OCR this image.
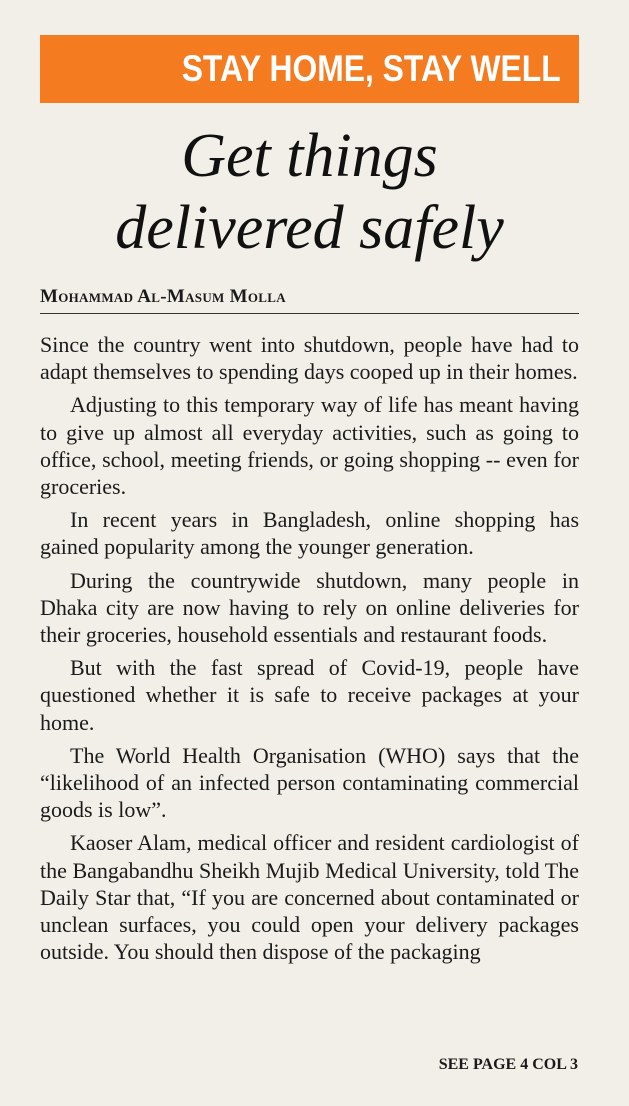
STAY HOME, STAY WELL
Get things
delivered safely
Mohammad Al-Masum Molla

Since the country went into shutdown, people have had to adapt themselves to spending days cooped up in their homes.

Adjusting to this temporary way of life has meant having to give up almost all everyday activities, such as going to office, school, meeting friends, or going shopping -- even for groceries.

In recent years in Bangladesh, online shopping has gained popularity among the younger generation.

During the countrywide shutdown, many people in Dhaka city are now having to rely on online deliveries for their groceries, household essentials and restaurant foods.

But with the fast spread of Covid-19, people have questioned whether it is safe to receive packages at your home.

The World Health Organisation (WHO) says that the “likelihood of an infected person contaminating commercial goods is low”.

Kaoser Alam, medical officer and resident cardiologist of the Bangabandhu Sheikh Mujib Medical University, told The Daily Star that, “If you are concerned about contaminated or unclean surfaces, you could open your delivery packages outside. You should then dispose of the packaging

SEE PAGE 4 COL 3
